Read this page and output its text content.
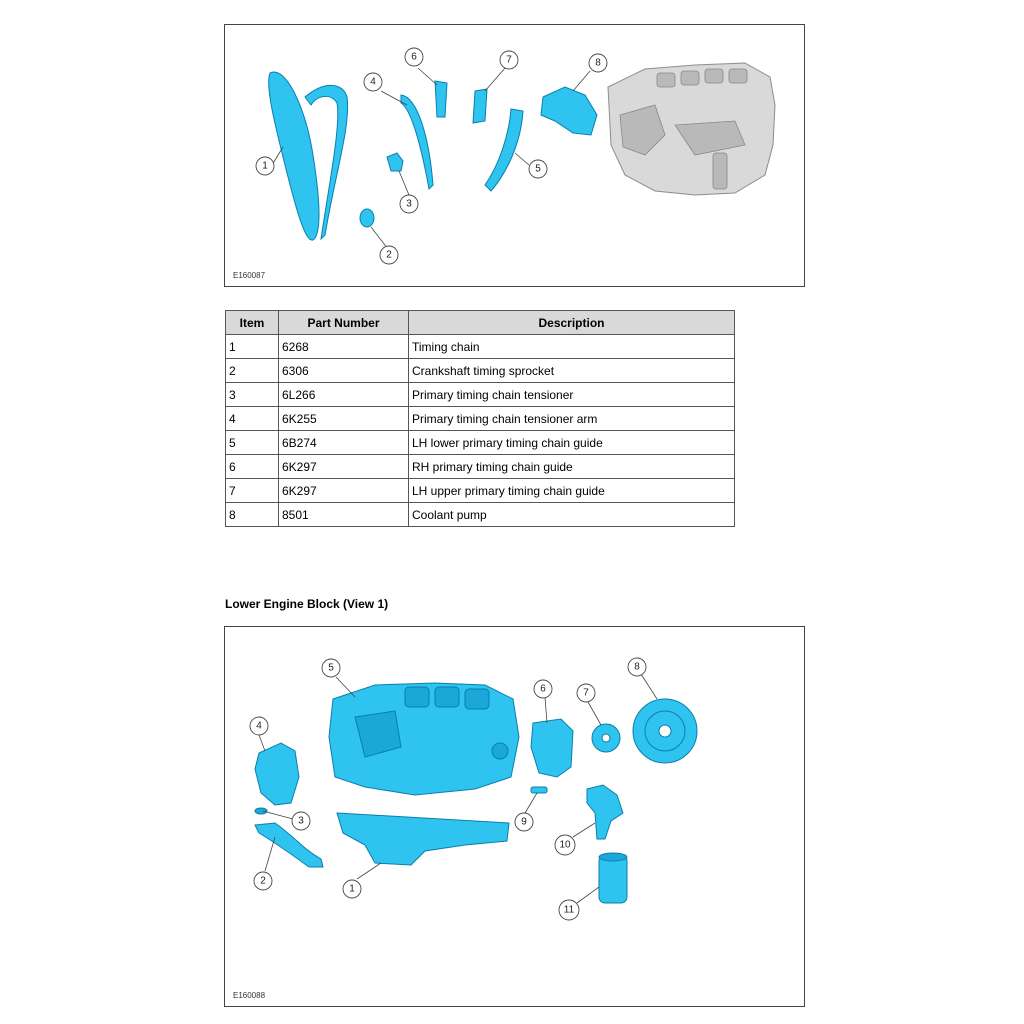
1
2
3
4
5
6	7	8
E160087
Item	Part Number	Description
1	6268	Timing chain
2	6306	Crankshaft timing sprocket
3	6L266	Primary timing chain tensioner
4	6K255	Primary timing chain tensioner arm
5	6B274	LH lower primary timing chain guide
6	6K297	RH primary timing chain guide
7	6K297	LH upper primary timing chain guide
8	8501	Coolant pump
Lower Engine Block (View 1)
1
2
3
4
5
6	7
8
9
10
11
E160088
